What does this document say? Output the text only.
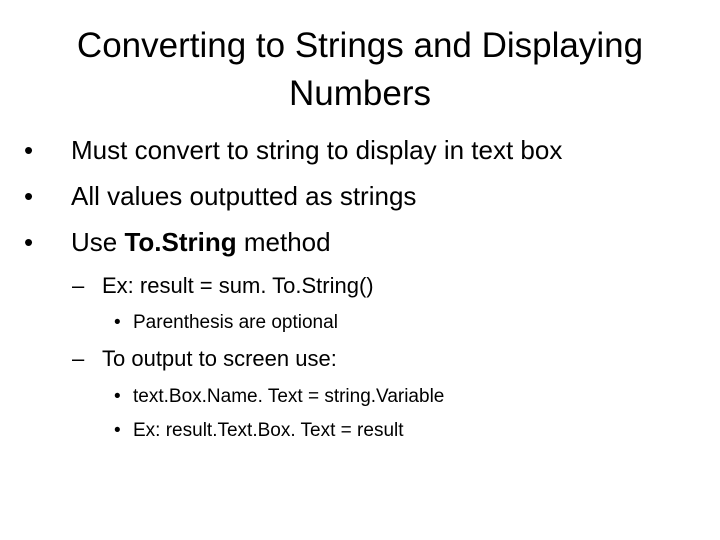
Converting to Strings and Displaying
Numbers
• Must convert to string to display in text box
• All values outputted as strings
• Use To.String method
– Ex: result = sum. To.String()
• Parenthesis are optional
– To output to screen use:
• text.Box.Name. Text = string.Variable
• Ex: result.Text.Box. Text = result
